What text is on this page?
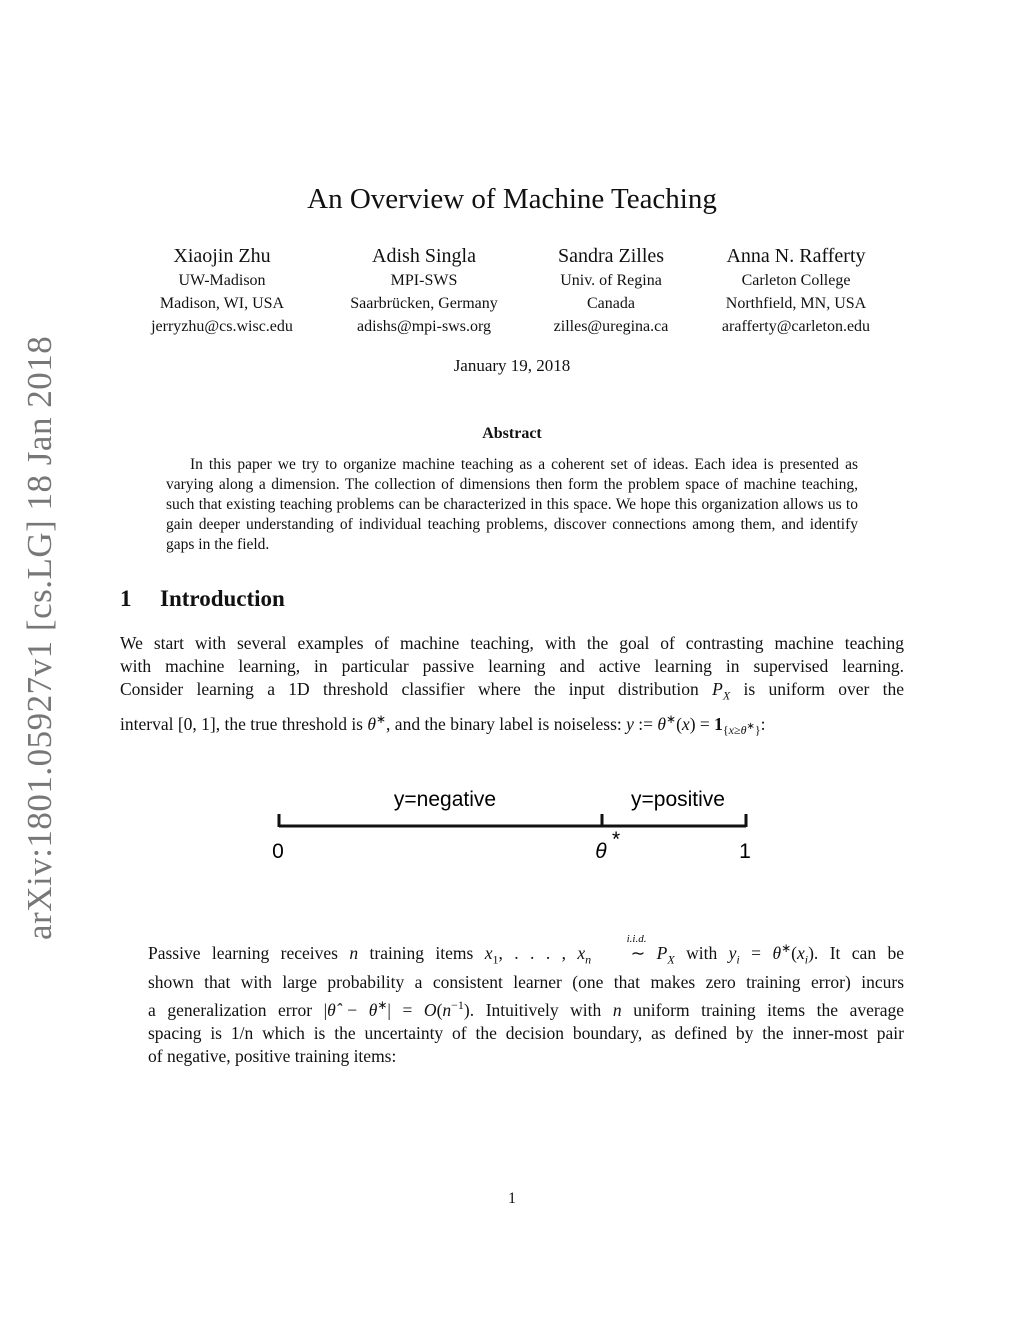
arXiv:1801.05927v1 [cs.LG] 18 Jan 2018
An Overview of Machine Teaching
Xiaojin Zhu
UW-Madison
Madison, WI, USA
jerryzhu@cs.wisc.edu
Adish Singla
MPI-SWS
Saarbrücken, Germany
adishs@mpi-sws.org
Sandra Zilles
Univ. of Regina
Canada
zilles@uregina.ca
Anna N. Rafferty
Carleton College
Northfield, MN, USA
arafferty@carleton.edu
January 19, 2018
Abstract
In this paper we try to organize machine teaching as a coherent set of ideas. Each idea is presented as varying along a dimension. The collection of dimensions then form the problem space of machine teaching, such that existing teaching problems can be characterized in this space. We hope this organization allows us to gain deeper understanding of individual teaching problems, discover connections among them, and identify gaps in the field.
1 Introduction
We start with several examples of machine teaching, with the goal of contrasting machine teaching
with machine learning, in particular passive learning and active learning in supervised learning.
Consider learning a 1D threshold classifier where the input distribution $P_X$ is uniform over the
interval [0, 1], the true threshold is θ∗, and the binary label is noiseless: y := $\theta^∗(x) = 1_{\{x\ge\theta^∗\}}$:
y=negative	y=positive
0	θ
*
1
Passive learning receives n training items $x_1$, . . . , $x_n$
i.i.d.
∼ $P_X$ with $y_i = \theta^∗(x_i)$. It can be
shown that with large probability a consistent learner (one that makes zero training error) incurs
a generalization error |θ̂ − $\theta^∗| = O(n^{-1})$. Intuitively with n uniform training items the average
spacing is 1/n which is the uncertainty of the decision boundary, as defined by the inner-most pair
of negative, positive training items:
1
